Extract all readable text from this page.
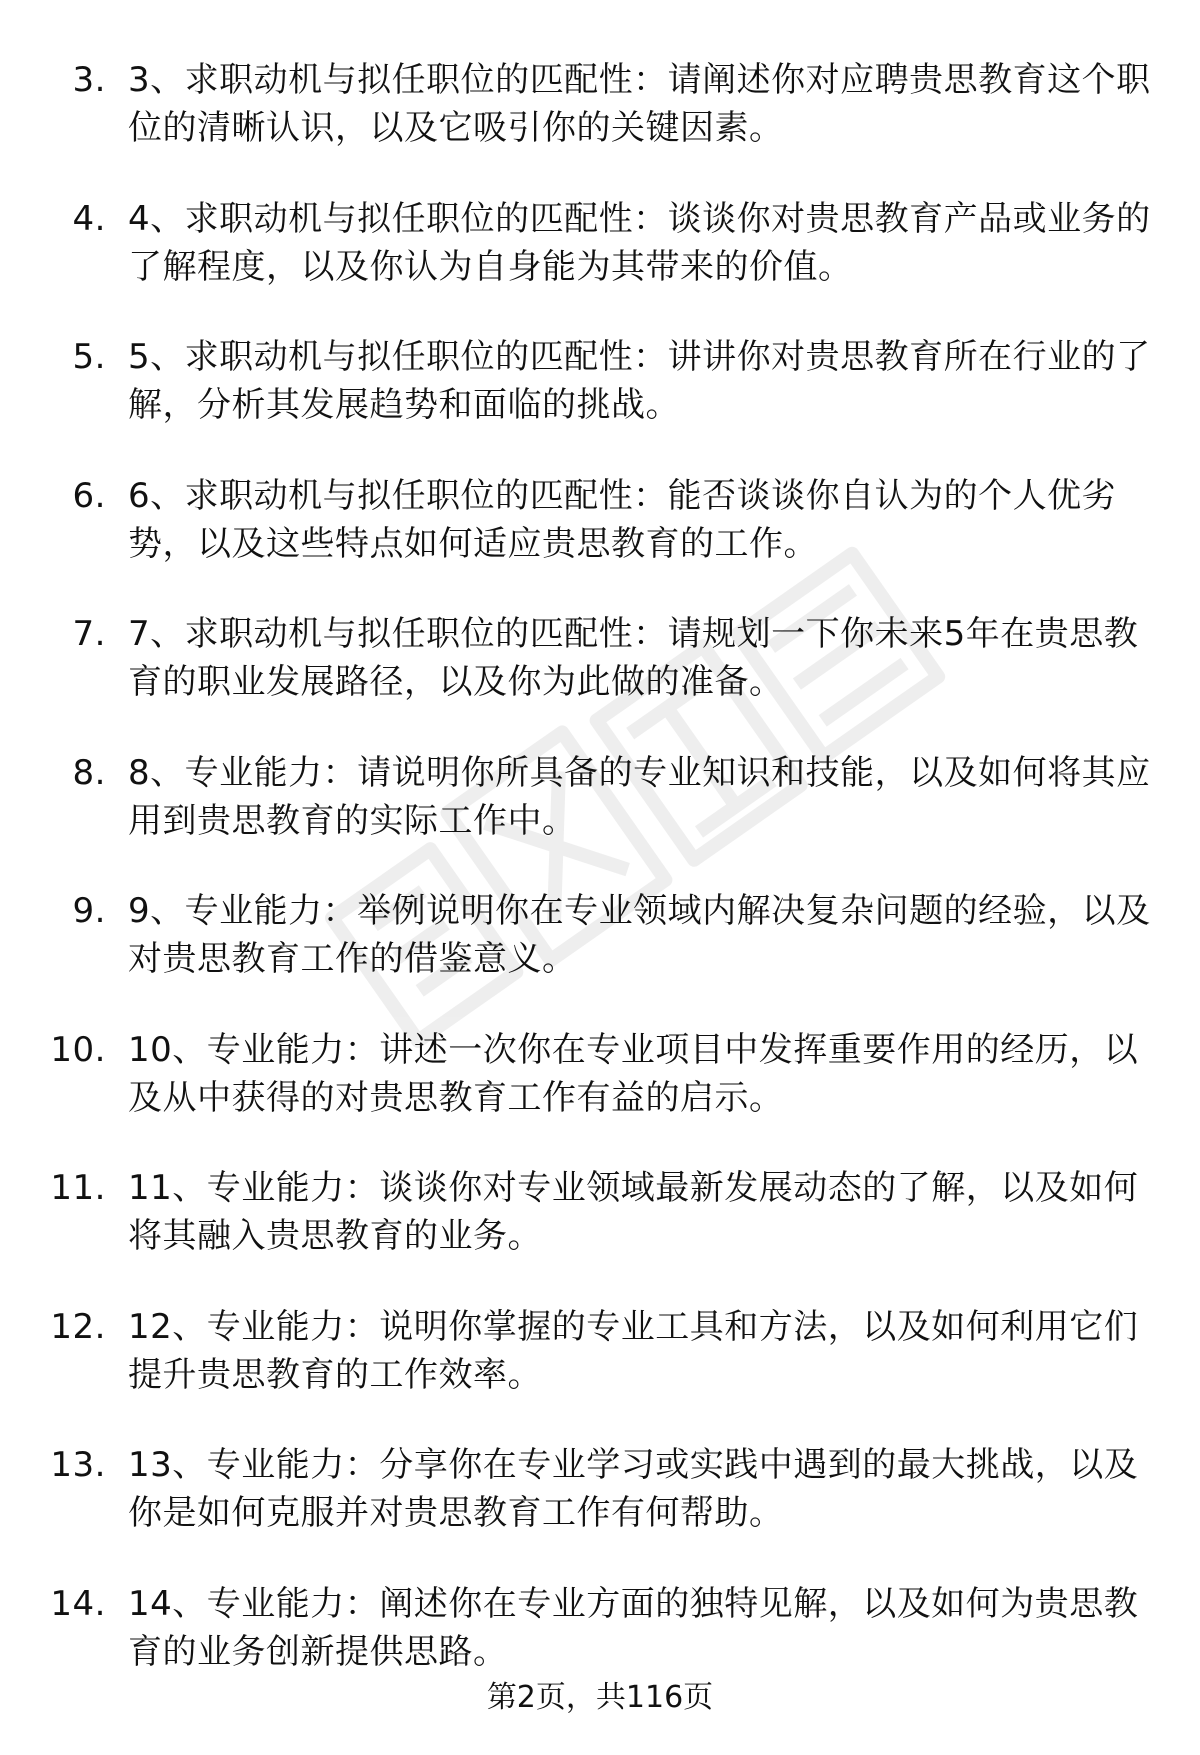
3. 3、求职动机与拟任职位的匹配性：请阐述你对应聘贵思教育这个职位的清晰认识，以及它吸引你的关键因素。
4. 4、求职动机与拟任职位的匹配性：谈谈你对贵思教育产品或业务的了解程度，以及你认为自身能为其带来的价值。
5. 5、求职动机与拟任职位的匹配性：讲讲你对贵思教育所在行业的了解，分析其发展趋势和面临的挑战。
6. 6、求职动机与拟任职位的匹配性：能否谈谈你自认为的个人优劣势，以及这些特点如何适应贵思教育的工作。
7. 7、求职动机与拟任职位的匹配性：请规划一下你未来5年在贵思教育的职业发展路径，以及你为此做的准备。
8. 8、专业能力：请说明你所具备的专业知识和技能，以及如何将其应用到贵思教育的实际工作中。
9. 9、专业能力：举例说明你在专业领域内解决复杂问题的经验，以及对贵思教育工作的借鉴意义。
10. 10、专业能力：讲述一次你在专业项目中发挥重要作用的经历，以及从中获得的对贵思教育工作有益的启示。
11. 11、专业能力：谈谈你对专业领域最新发展动态的了解，以及如何将其融入贵思教育的业务。
12. 12、专业能力：说明你掌握的专业工具和方法，以及如何利用它们提升贵思教育的工作效率。
13. 13、专业能力：分享你在专业学习或实践中遇到的最大挑战，以及你是如何克服并对贵思教育工作有何帮助。
14. 14、专业能力：阐述你在专业方面的独特见解，以及如何为贵思教育的业务创新提供思路。
第2页，共116页
